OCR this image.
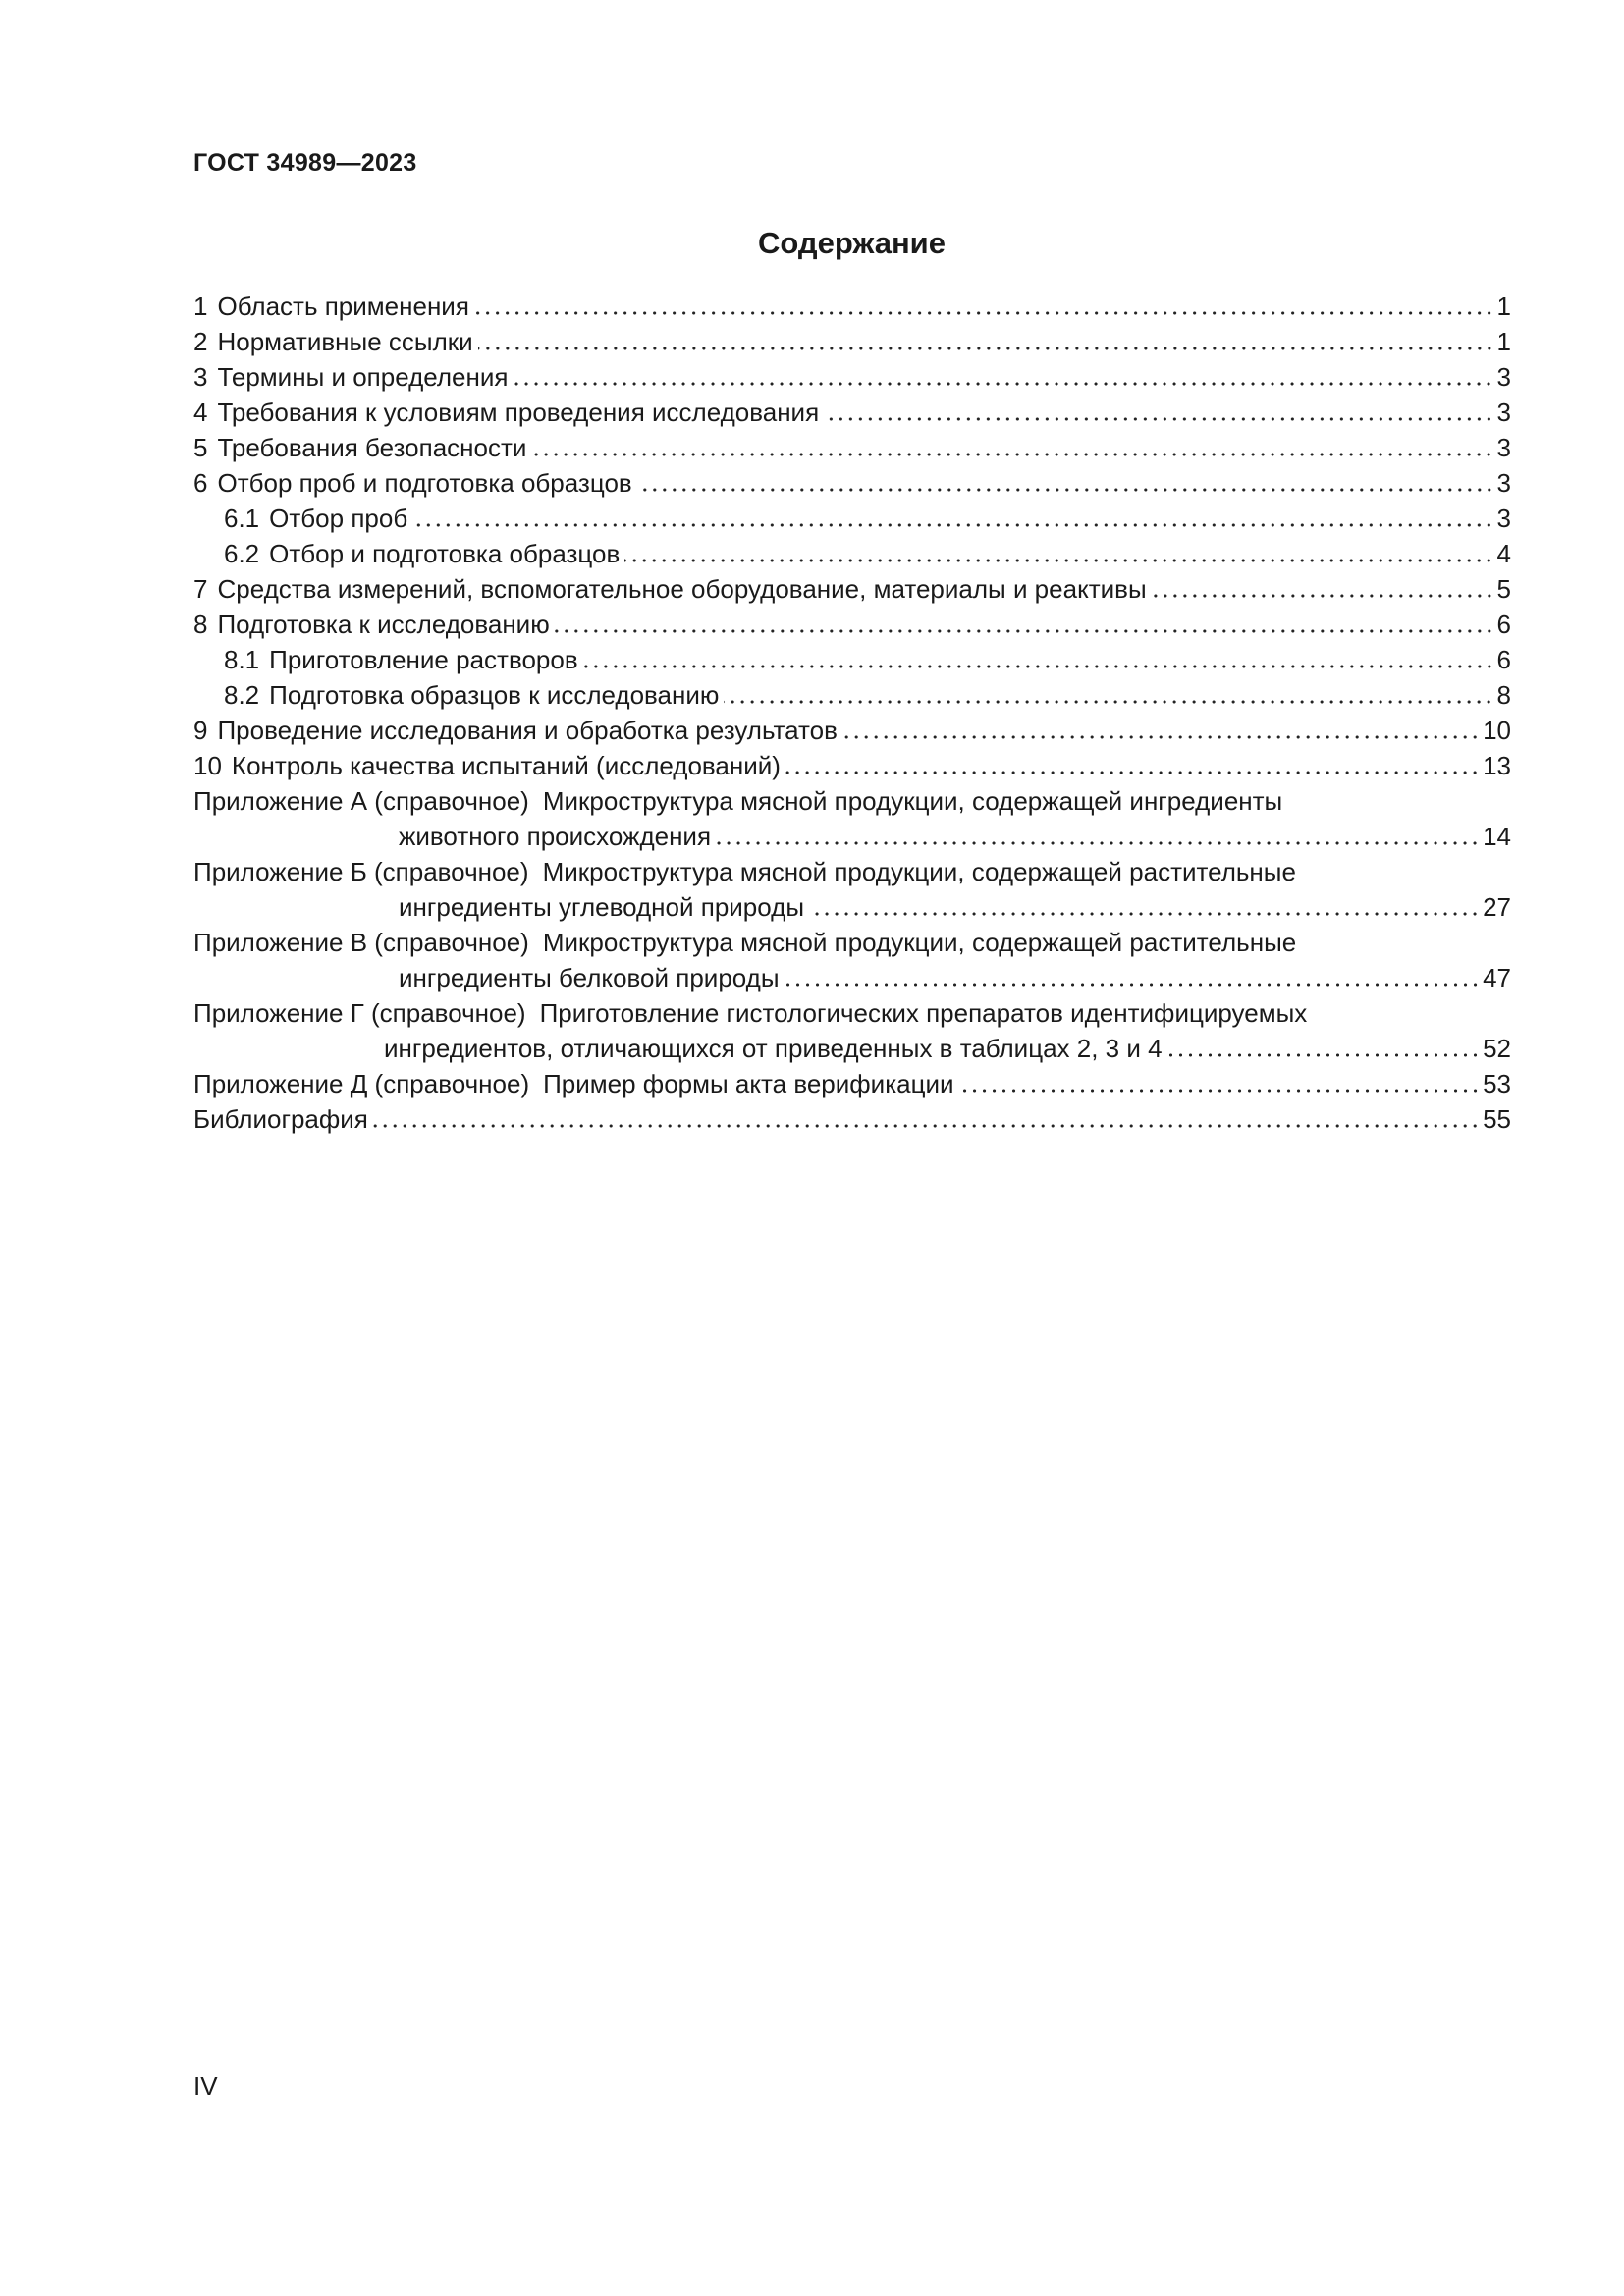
ГОСТ 34989—2023
Содержание
1 Область применения	1
2 Нормативные ссылки	1
3 Термины и определения	3
4 Требования к условиям проведения исследования	3
5 Требования безопасности	3
6 Отбор проб и подготовка образцов	3
6.1 Отбор проб	3
6.2 Отбор и подготовка образцов	4
7 Средства измерений, вспомогательное оборудование, материалы и реактивы	5
8 Подготовка к исследованию	6
8.1 Приготовление растворов	6
8.2 Подготовка образцов к исследованию	8
9 Проведение исследования и обработка результатов	10
10 Контроль качества испытаний (исследований)	13
Приложение А (справочное) Микроструктура мясной продукции, содержащей ингредиенты
животного происхождения	14
Приложение Б (справочное) Микроструктура мясной продукции, содержащей растительные
ингредиенты углеводной природы	27
Приложение В (справочное) Микроструктура мясной продукции, содержащей растительные
ингредиенты белковой природы	47
Приложение Г (справочное) Приготовление гистологических препаратов идентифицируемых
ингредиентов, отличающихся от приведенных в таблицах 2, 3 и 4	52
Приложение Д (справочное) Пример формы акта верификации	53
Библиография	55
IV
